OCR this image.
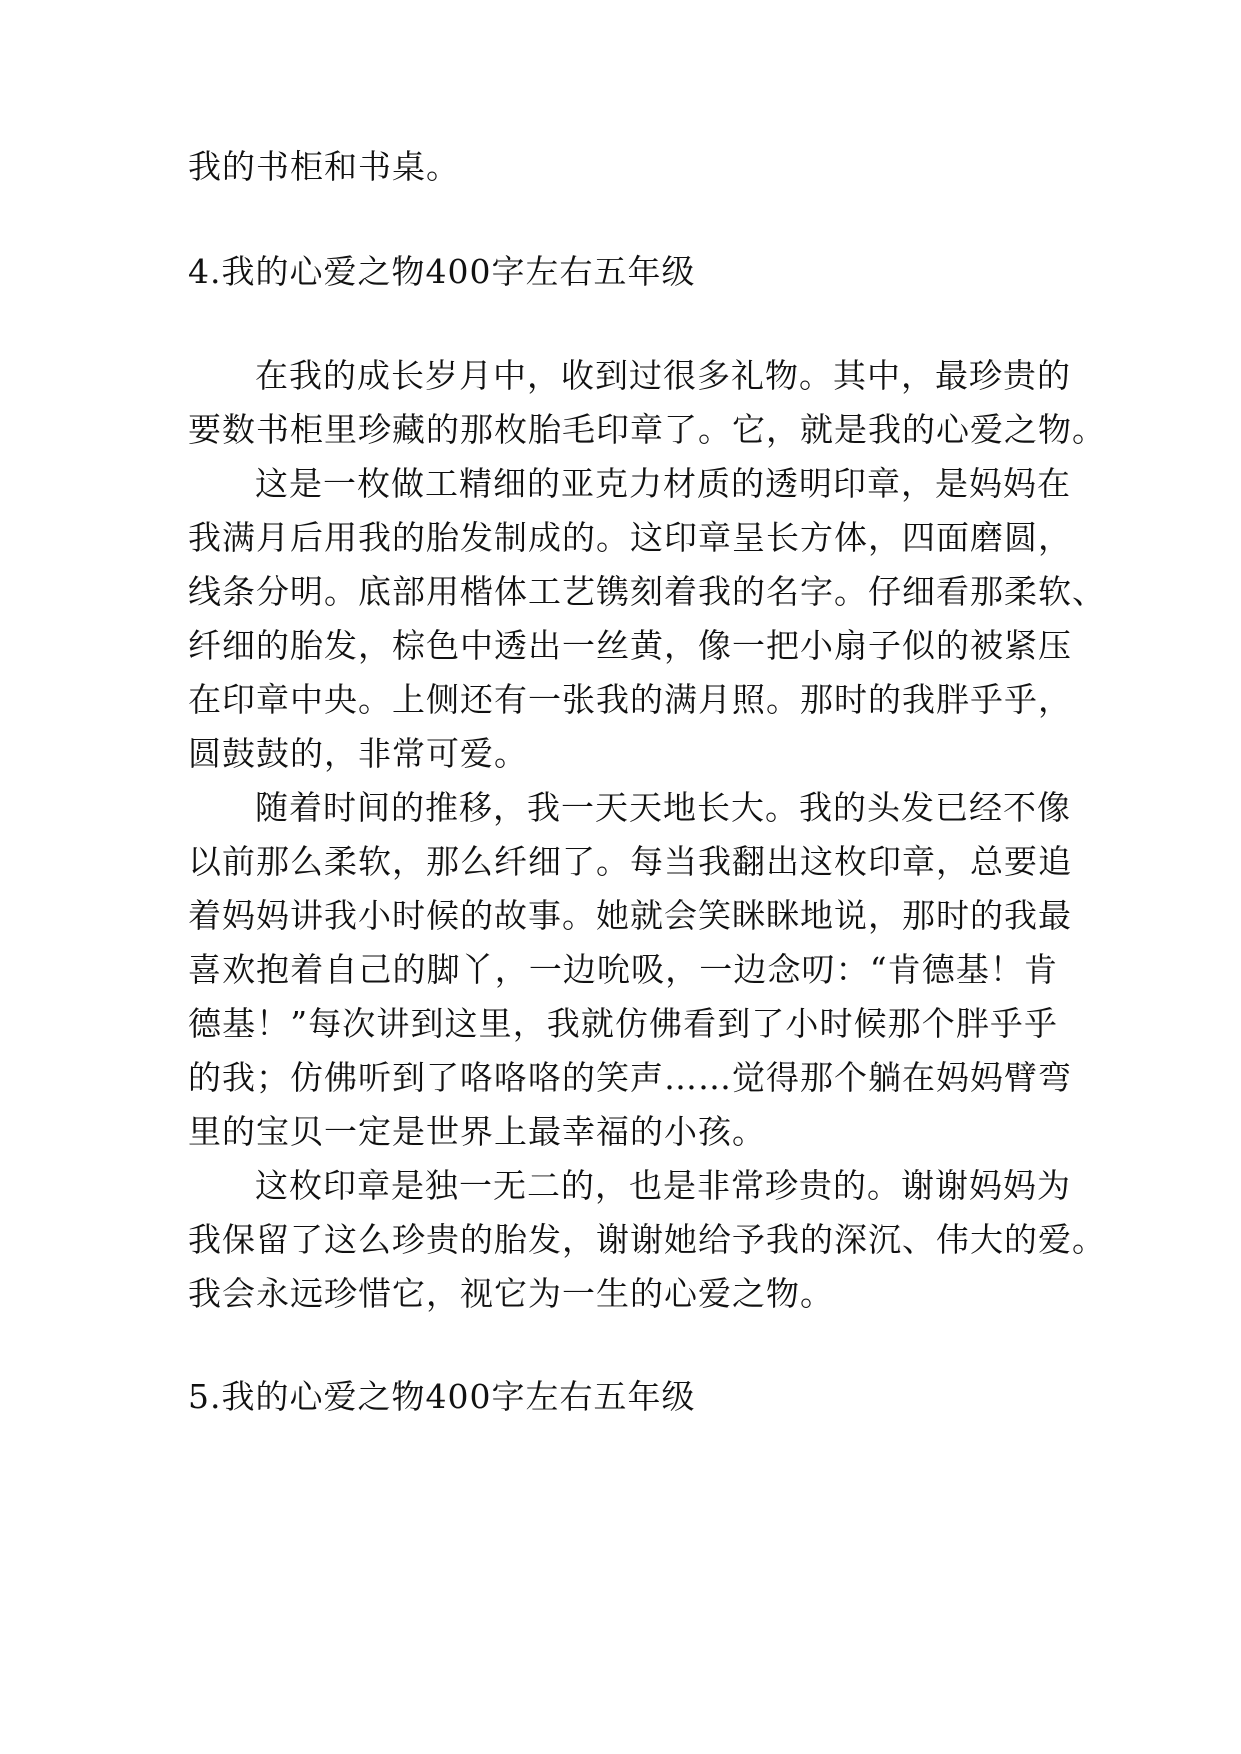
我的书柜和书桌。
4.我的心爱之物400字左右五年级
在我的成长岁月中，收到过很多礼物。其中，最珍贵的
要数书柜里珍藏的那枚胎毛印章了。它，就是我的心爱之物。
这是一枚做工精细的亚克力材质的透明印章，是妈妈在
我满月后用我的胎发制成的。这印章呈长方体，四面磨圆，
线条分明。底部用楷体工艺镌刻着我的名字。仔细看那柔软、
纤细的胎发，棕色中透出一丝黄，像一把小扇子似的被紧压
在印章中央。上侧还有一张我的满月照。那时的我胖乎乎，
圆鼓鼓的，非常可爱。
随着时间的推移，我一天天地长大。我的头发已经不像
以前那么柔软，那么纤细了。每当我翻出这枚印章，总要追
着妈妈讲我小时候的故事。她就会笑眯眯地说，那时的我最
喜欢抱着自己的脚丫，一边吮吸，一边念叨：“肯德基！肯
德基！”每次讲到这里，我就仿佛看到了小时候那个胖乎乎
的我；仿佛听到了咯咯咯的笑声……觉得那个躺在妈妈臂弯
里的宝贝一定是世界上最幸福的小孩。
这枚印章是独一无二的，也是非常珍贵的。谢谢妈妈为
我保留了这么珍贵的胎发，谢谢她给予我的深沉、伟大的爱。
我会永远珍惜它，视它为一生的心爱之物。
5.我的心爱之物400字左右五年级
